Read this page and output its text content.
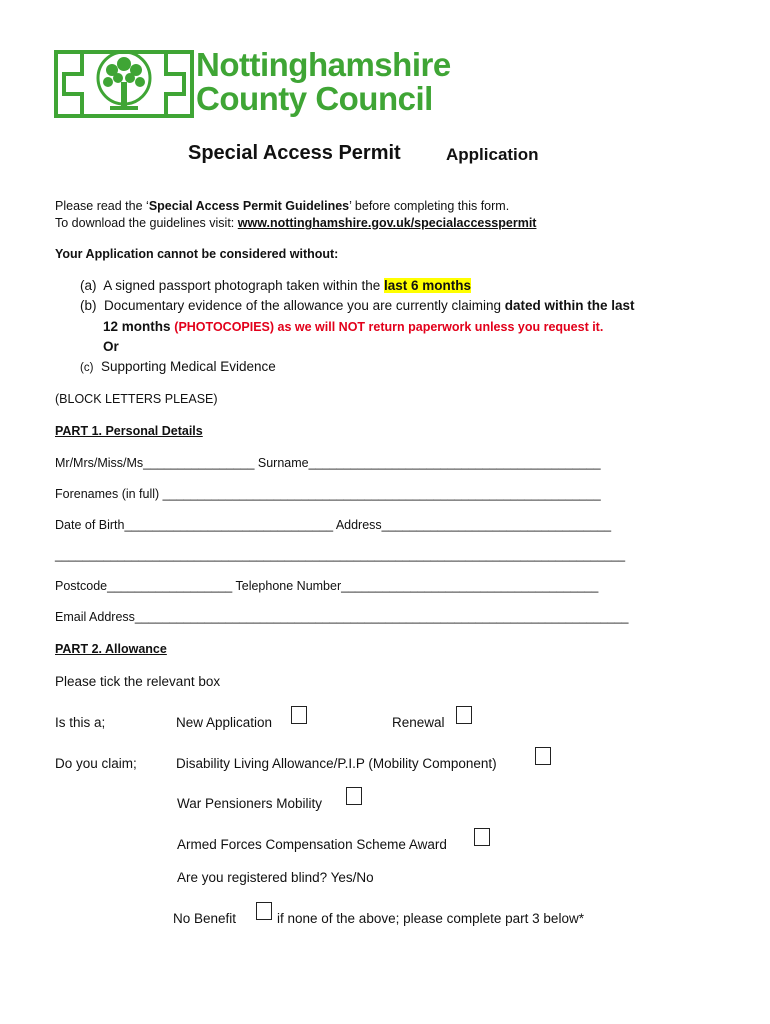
Nottinghamshire
County Council
Special Access Permit	Application
Please read the ‘Special Access Permit Guidelines’ before completing this form.
To download the guidelines visit: www.nottinghamshire.gov.uk/specialaccesspermit
Your Application cannot be considered without:
(a) A signed passport photograph taken within the last 6 months
(b) Documentary evidence of the allowance you are currently claiming dated within the last
12 months (PHOTOCOPIES) as we will NOT return paperwork unless you request it.
Or
(c) Supporting Medical Evidence
(BLOCK LETTERS PLEASE)
PART 1. Personal Details
Mr/Mrs/Miss/Ms________________ Surname__________________________________________
Forenames (in full) _______________________________________________________________
Date of Birth______________________________ Address_________________________________
__________________________________________________________________________________
Postcode__________________ Telephone Number_____________________________________
Email Address_______________________________________________________________________
PART 2. Allowance
Please tick the relevant box
Is this a;	New Application	Renewal
Do you claim;	Disability Living Allowance/P.I.P (Mobility Component)
War Pensioners Mobility
Armed Forces Compensation Scheme Award
Are you registered blind? Yes/No
No Benefit	if none of the above; please complete part 3 below*
